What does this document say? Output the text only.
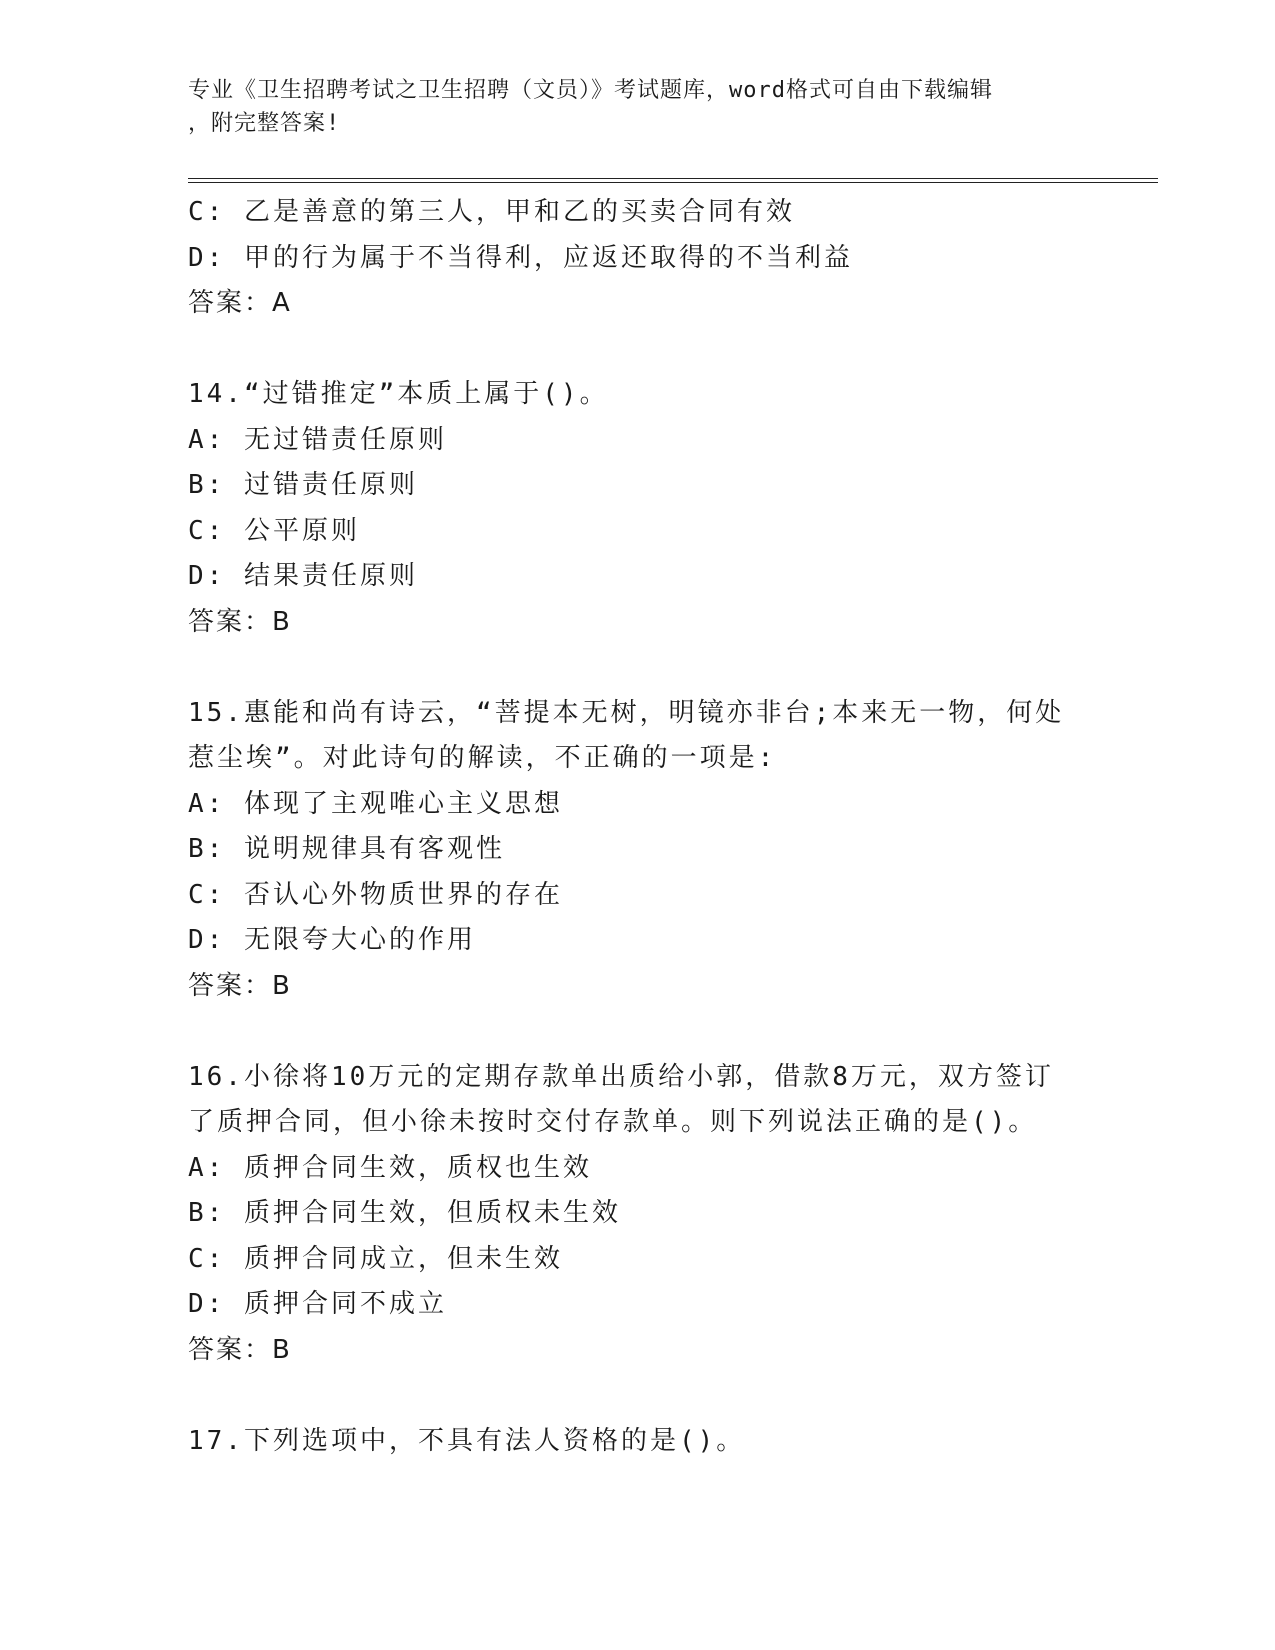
专业《卫生招聘考试之卫生招聘（文员）》考试题库，word格式可自由下载编辑
，附完整答案!
C: 乙是善意的第三人，甲和乙的买卖合同有效
D: 甲的行为属于不当得利，应返还取得的不当利益
答案：A
14.“过错推定”本质上属于()。
A: 无过错责任原则
B: 过错责任原则
C: 公平原则
D: 结果责任原则
答案：B
15.惠能和尚有诗云，“菩提本无树，明镜亦非台;本来无一物，何处
惹尘埃”。对此诗句的解读，不正确的一项是:
A: 体现了主观唯心主义思想
B: 说明规律具有客观性
C: 否认心外物质世界的存在
D: 无限夸大心的作用
答案：B
16.小徐将10万元的定期存款单出质给小郭，借款8万元，双方签订
了质押合同，但小徐未按时交付存款单。则下列说法正确的是()。
A: 质押合同生效，质权也生效
B: 质押合同生效，但质权未生效
C: 质押合同成立，但未生效
D: 质押合同不成立
答案：B
17.下列选项中，不具有法人资格的是()。
